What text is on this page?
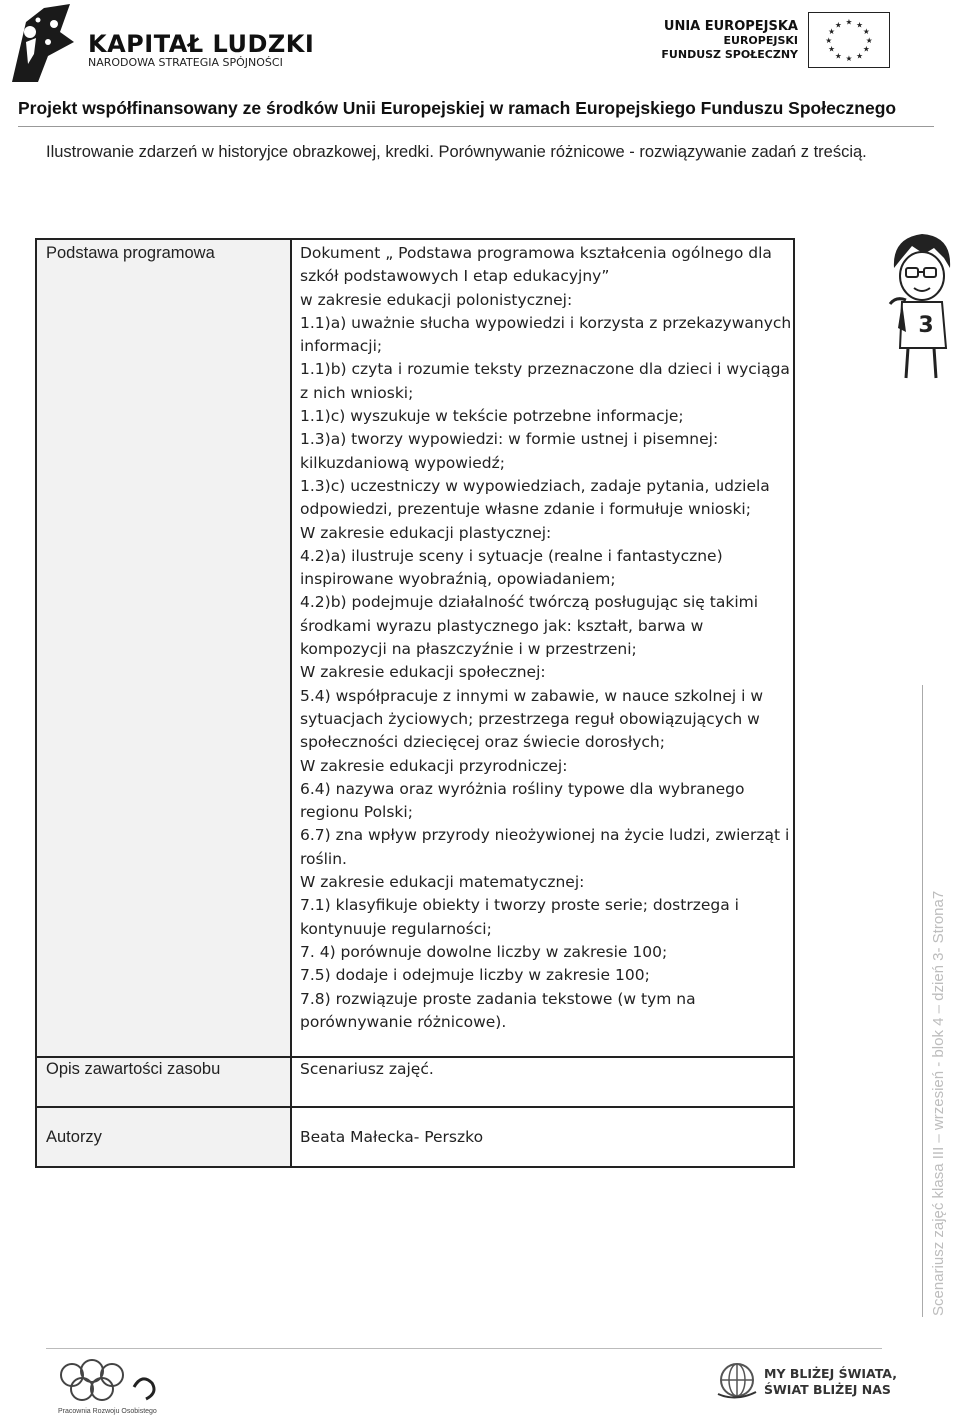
KAPITAŁ LUDZKI
NARODOWA STRATEGIA SPÓJNOŚCI
UNIA EUROPEJSKA
EUROPEJSKI
FUNDUSZ SPOŁECZNY
★ ★
★
★
★
★
★
★
★
★
★
★
Projekt współfinansowany ze środków Unii Europejskiej w ramach Europejskiego Funduszu Społecznego
Ilustrowanie zdarzeń w historyjce obrazkowej, kredki. Porównywanie różnicowe - rozwiązywanie zadań z treścią.
Podstawa programowa	Dokument „ Podstawa programowa kształcenia ogólnego dla
szkół podstawowych I etap edukacyjny”
w zakresie edukacji polonistycznej:
1.1)a) uważnie słucha wypowiedzi i korzysta z przekazywanych
informacji;
1.1)b) czyta i rozumie teksty przeznaczone dla dzieci i wyciąga
z nich wnioski;
1.1)c) wyszukuje w tekście potrzebne informacje;
1.3)a) tworzy wypowiedzi: w formie ustnej i pisemnej:
kilkuzdaniową wypowiedź;
1.3)c) uczestniczy w wypowiedziach, zadaje pytania, udziela
odpowiedzi, prezentuje własne zdanie i formułuje wnioski;
W zakresie edukacji plastycznej:
4.2)a) ilustruje sceny i sytuacje (realne i fantastyczne)
inspirowane wyobraźnią, opowiadaniem;
4.2)b) podejmuje działalność twórczą posługując się takimi
środkami wyrazu plastycznego jak: kształt, barwa w
kompozycji na płaszczyźnie i w przestrzeni;
W zakresie edukacji społecznej:
5.4) współpracuje z innymi w zabawie, w nauce szkolnej i w
sytuacjach życiowych; przestrzega reguł obowiązujących w
społeczności dziecięcej oraz świecie dorosłych;
W zakresie edukacji przyrodniczej:
6.4) nazywa oraz wyróżnia rośliny typowe dla wybranego
regionu Polski;
6.7) zna wpływ przyrody nieożywionej na życie ludzi, zwierząt i
roślin.
W zakresie edukacji matematycznej:
7.1) klasyfikuje obiekty i tworzy proste serie; dostrzega i
kontynuuje regularności;
7. 4) porównuje dowolne liczby w zakresie 100;
7.5) dodaje i odejmuje liczby w zakresie 100;
7.8) rozwiązuje proste zadania tekstowe (w tym na
porównywanie różnicowe).
Opis zawartości zasobu	Scenariusz zajęć.
Autorzy	Beata Małecka- Perszko
3
Scenariusz zajęć klasa III – wrzesień - blok 4 – dzień 3- Strona7
Pracownia Rozwoju Osobistego
MY BLIŻEJ ŚWIATA,
ŚWIAT BLIŻEJ NAS
